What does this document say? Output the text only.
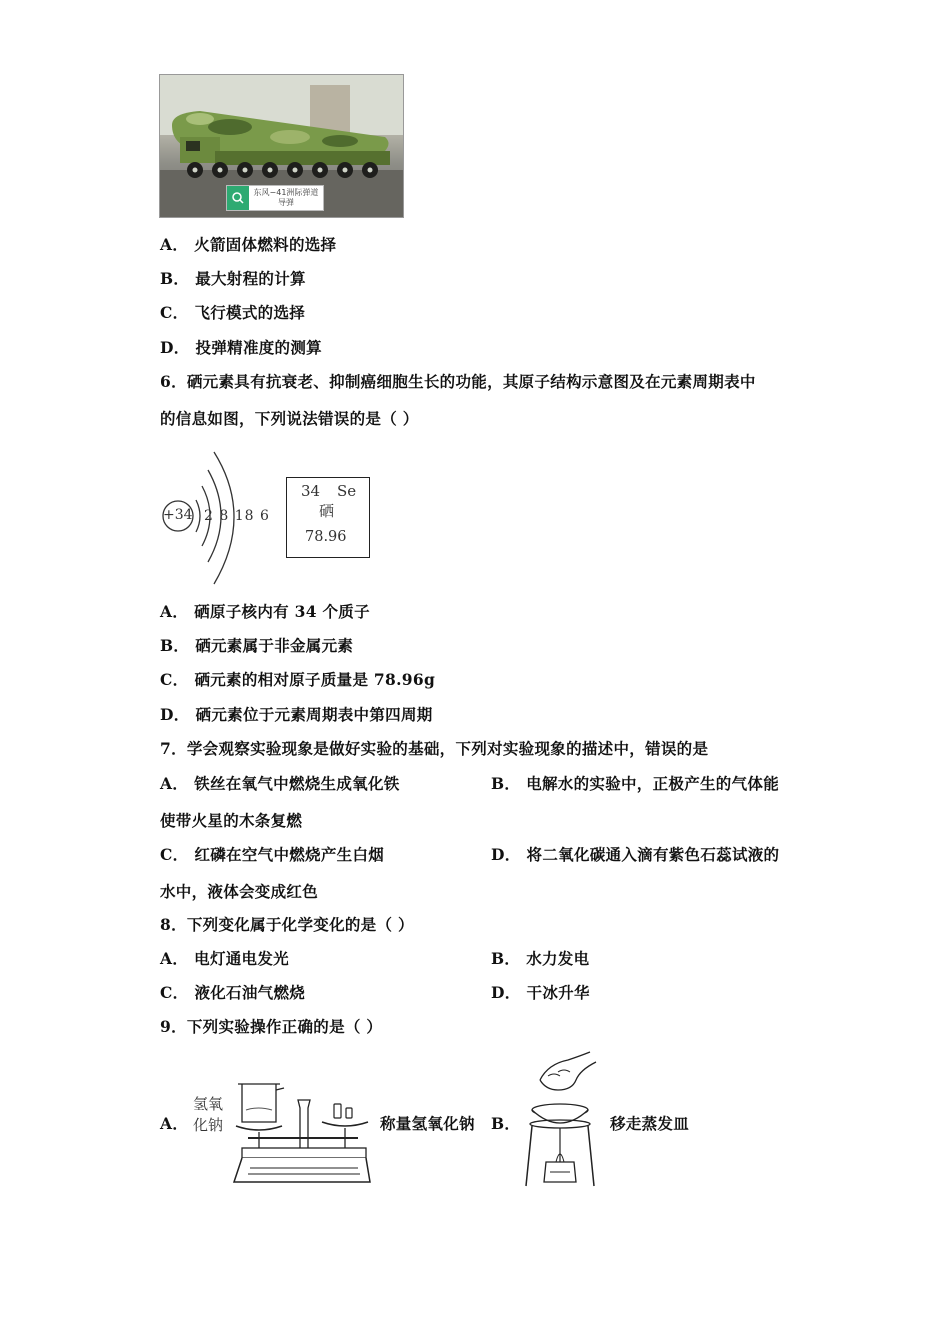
东风−41洲际弹道导弹
A． 火箭固体燃料的选择
B． 最大射程的计算
C． 飞行模式的选择
D． 投弹精准度的测算
6．硒元素具有抗衰老、抑制癌细胞生长的功能，其原子结构示意图及在元素周期表中
的信息如图，下列说法错误的是（ ）
+34 2 8 18 6
34 Se
硒
78.96
A． 硒原子核内有 34 个质子
B． 硒元素属于非金属元素
C． 硒元素的相对原子质量是 78.96g
D． 硒元素位于元素周期表中第四周期
7．学会观察实验现象是做好实验的基础，下列对实验现象的描述中，错误的是
A． 铁丝在氧气中燃烧生成氧化铁	B． 电解水的实验中，正极产生的气体能
使带火星的木条复燃
C． 红磷在空气中燃烧产生白烟	D． 将二氧化碳通入滴有紫色石蕊试液的
水中，液体会变成红色
8．下列变化属于化学变化的是（ ）
A． 电灯通电发光	B． 水力发电
C． 液化石油气燃烧	D． 干冰升华
9．下列实验操作正确的是（ ）
A．
氢氧
化钠	称量氢氧化钠 B．	移走蒸发皿
